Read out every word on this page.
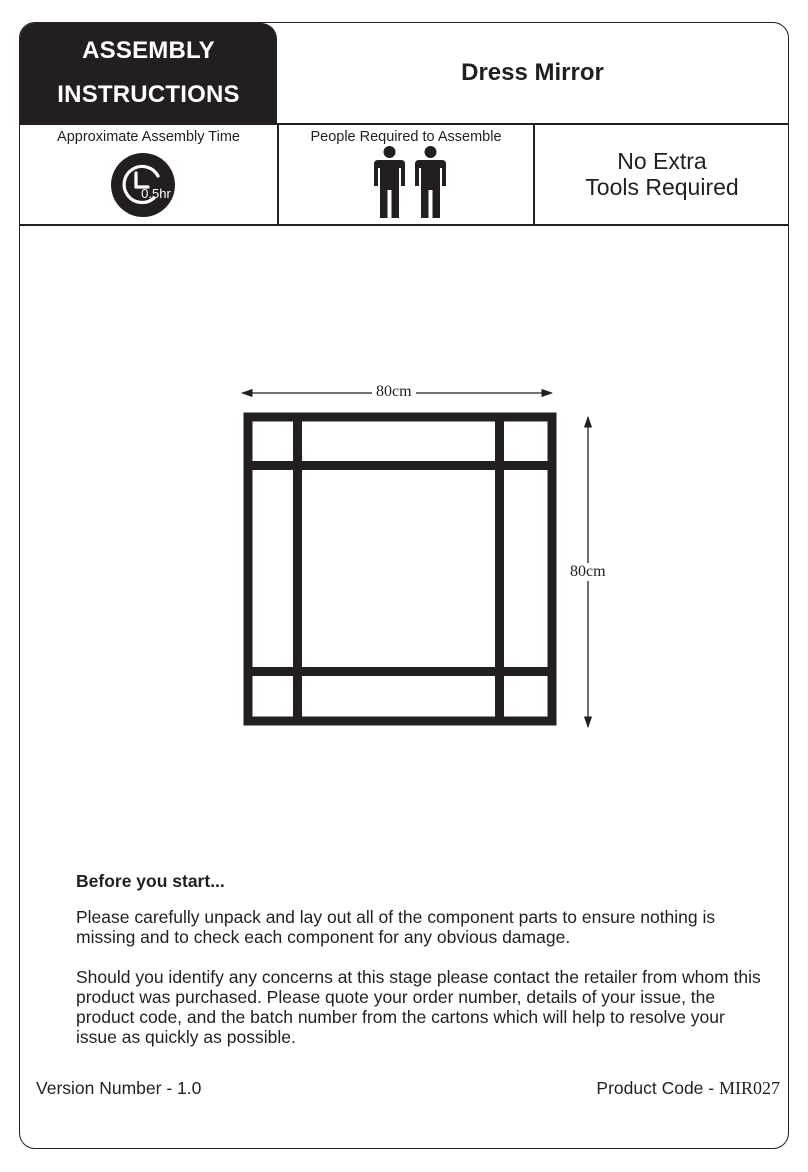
ASSEMBLY
INSTRUCTIONS
Dress Mirror
Approximate Assembly Time
0.5hr
People Required to Assemble
No Extra
Tools Required
80cm
80cm
Before you start...
Please carefully unpack and lay out all of the component parts to ensure nothing is missing and to check each component for any obvious damage.
Should you identify any concerns at this stage please contact the retailer from whom this product was purchased. Please quote your order number, details of your issue, the product code, and the batch number from the cartons which will help to resolve your issue as quickly as possible.
Version Number - 1.0	Product Code - MIR027
